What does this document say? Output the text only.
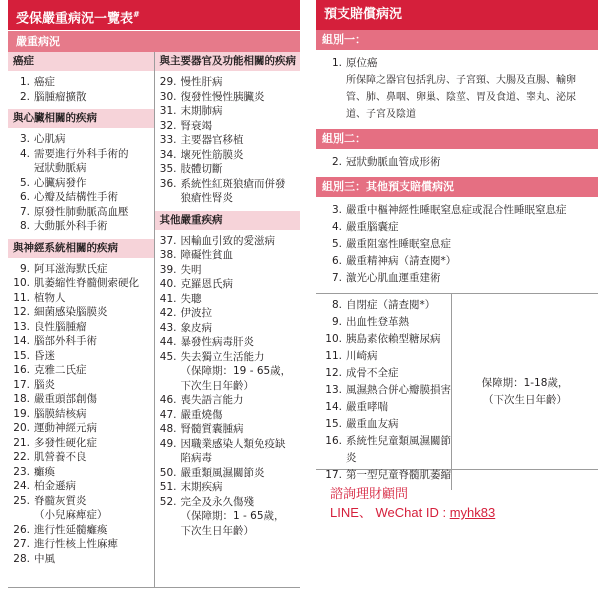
受保嚴重病況一覽表#
嚴重病況
癌症
1. 癌症
2. 腦腫瘤擴散
與心臟相關的疾病
3. 心肌病
4. 需要進行外科手術的
冠狀動脈病
5. 心臟病發作
6. 心瓣及結構性手術
7. 原發性肺動脈高血壓
8. 大動脈外科手術
與神經系統相關的疾病
9. 阿耳滋海默氏症
10. 肌萎縮性脊髓側索硬化
11. 植物人
12. 細菌感染腦膜炎
13. 良性腦腫瘤
14. 腦部外科手術
15. 昏迷
16. 克雅二氏症
17. 腦炎
18. 嚴重頭部創傷
19. 腦膜結核病
20. 運動神經元病
21. 多發性硬化症
22. 肌營養不良
23. 癱瘓
24. 柏金遜病
25. 脊髓灰質炎
（小兒麻痺症）
26. 進行性延髓癱瘓
27. 進行性核上性麻痺
28. 中風
與主要器官及功能相關的疾病
29. 慢性肝病
30. 復發性慢性胰臟炎
31. 末期肺病
32. 腎衰竭
33. 主要器官移植
34. 壞死性筋膜炎
35. 肢體切斷
36. 系統性紅斑狼瘡而併發
狼瘡性腎炎
其他嚴重疾病
37. 因輸血引致的愛滋病
38. 障礙性貧血
39. 失明
40. 克羅恩氏病
41. 失聰
42. 伊波拉
43. 象皮病
44. 暴發性病毒肝炎
45. 失去獨立生活能力
（保障期：19 - 65歲，
下次生日年齡）
46. 喪失語言能力
47. 嚴重燒傷
48. 腎髓質囊腫病
49. 因職業感染人類免疫缺
陷病毒
50. 嚴重類風濕關節炎
51. 末期疾病
52. 完全及永久傷殘
（保障期：1 - 65歲，
下次生日年齡）
預支賠償病況
組別一：
1. 原位癌
所保障之器官包括乳房、子宮頸、大腸及直腸、輸卵管、肺、鼻咽、卵巢、陰莖、胃及食道、睾丸、泌尿道、子宮及陰道
組別二：
2. 冠狀動脈血管成形術
組別三：其他預支賠償病況
3. 嚴重中樞神經性睡眠窒息症或混合性睡眠窒息症
4. 嚴重腦囊症
5. 嚴重阻塞性睡眠窒息症
6. 嚴重精神病（請查閱*）
7. 激光心肌血運重建術
8. 自閉症（請查閱*）
9. 出血性登革熱
10. 胰島素依賴型糖尿病
11. 川崎病
12. 成骨不全症
13. 風濕熱合併心瓣膜損害
14. 嚴重哮喘
15. 嚴重血友病
16. 系統性兒童類風濕關節炎
17. 第一型兒童脊髓肌萎縮
保障期：1-18歲，
（下次生日年齡）
諮詢理財顧問
LINE、 WeChat ID : myhk83
